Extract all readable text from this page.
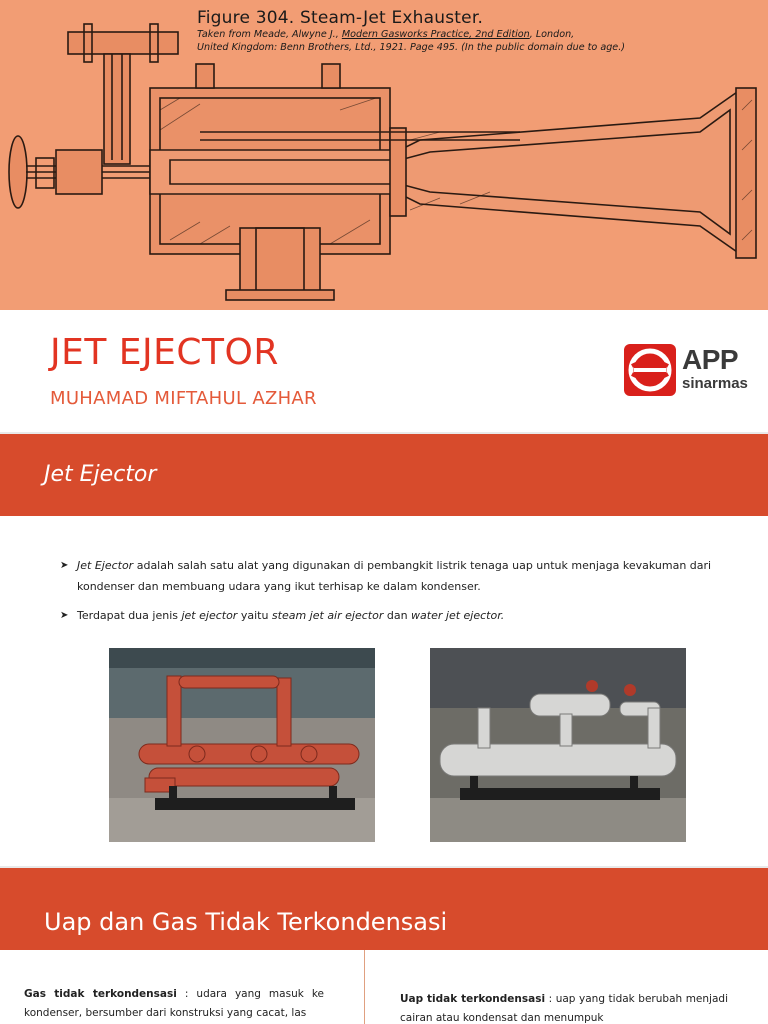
Figure 304. Steam-Jet Exhauster.
Taken from Meade, Alwyne J., Modern Gasworks Practice, 2nd Edition, London,
United Kingdom: Benn Brothers, Ltd., 1921. Page 495. (In the public domain due to age.)
JET EJECTOR
MUHAMAD MIFTAHUL AZHAR
APP
sinarmas
Jet Ejector
➤ Jet Ejector adalah salah satu alat yang digunakan di pembangkit listrik tenaga uap untuk menjaga kevakuman dari kondenser dan membuang udara yang ikut terhisap ke dalam kondenser.
➤ Terdapat dua jenis jet ejector yaitu steam jet air ejector dan water jet ejector.
Uap dan Gas Tidak Terkondensasi
Gas tidak terkondensasi : udara yang masuk ke kondenser, bersumber dari konstruksi yang cacat, las
Uap tidak terkondensasi : uap yang tidak berubah menjadi cairan atau kondensat dan menumpuk
